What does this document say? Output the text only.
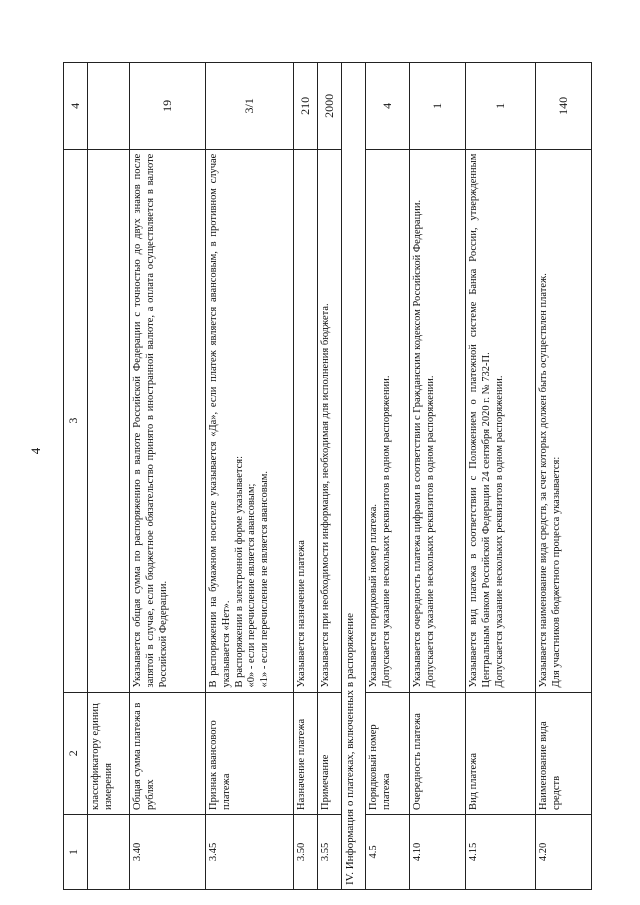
4
1	2	3	4
	классификатору единиц измерения		
3.40	Общая сумма платежа в рублях	Указывается общая сумма по распоряжению в валюте Российской Федерации с точностью до двух знаков после запятой в случае, если бюджетное обязательство принято в иностранной валюте, а оплата осуществляется в валюте Российской Федерации.	19
3.45	Признак авансового платежа	В распоряжении на бумажном носителе указывается «Да», если платеж является авансовым, в противном случае указывается «Нет». В распоряжении в электронной форме указывается: «0» - если перечисление является авансовым; «1» - если перечисление не является авансовым.	3/1
3.50	Назначение платежа	Указывается назначение платежа	210
3.55	Примечание	Указывается при необходимости информация, необходимая для исполнения бюджета.	2000
IV. Информация о платежах, включенных в распоряжение			
4.5	Порядковый номер платежа	Указывается порядковый номер платежа. Допускается указание нескольких реквизитов в одном распоряжении.	4
4.10	Очередность платежа	Указывается очередность платежа цифрами в соответствии с Гражданским кодексом Российской Федерации. Допускается указание нескольких реквизитов в одном распоряжении.	1
4.15	Вид платежа	Указывается вид платежа в соответствии с Положением о платежной системе Банка России, утвержденным Центральным банком Российской Федерации 24 сентября 2020 г. № 732-П. Допускается указание нескольких реквизитов в одном распоряжении.	1
4.20	Наименование вида средств	Указывается наименование вида средств, за счет которых должен быть осуществлен платеж. Для участников бюджетного процесса указывается:	140
